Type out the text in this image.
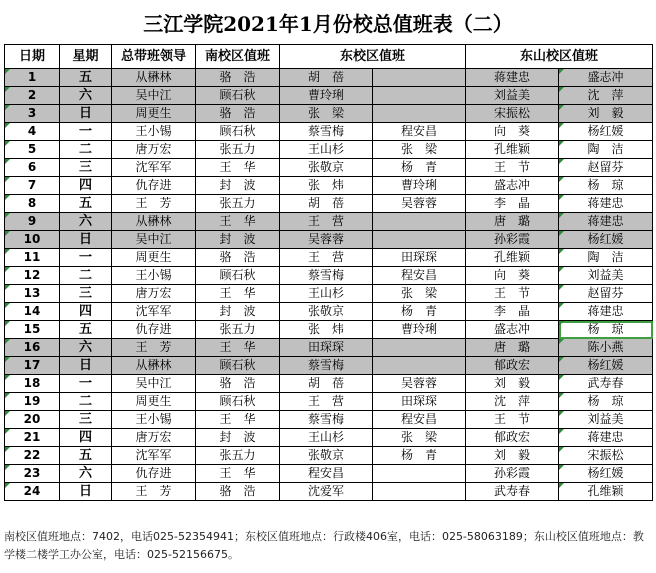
三江学院2021年1月份校总值班表（二）
日期	星期	总带班领导	南校区值班	东校区值班		东山校区值班	
1	五	从楙林	骆　浩	胡　蓓		蒋建忠	盛志冲
2	六	吴中江	顾石秋	曹玲琍		刘益美	沈　萍
3	日	周更生	骆　浩	张　梁		宋振松	刘　毅
4	一	王小锡	顾石秋	蔡雪梅	程安昌	向　葵	杨红媛
5	二	唐万宏	张五力	王山杉	张　梁	孔维颖	陶　洁
6	三	沈军军	王　华	张敬京	杨　青	王　节	赵留芬
7	四	仇存进	封　波	张　炜	曹玲琍	盛志冲	杨　琼
8	五	王　芳	张五力	胡　蓓	吴蓉蓉	李　晶	蒋建忠
9	六	从楙林	王　华	王　营		唐　璐	蒋建忠
10	日	吴中江	封　波	吴蓉蓉		孙彩霞	杨红媛
11	一	周更生	骆　浩	王　营	田琛琛	孔维颖	陶　洁
12	二	王小锡	顾石秋	蔡雪梅	程安昌	向　葵	刘益美
13	三	唐万宏	王　华	王山杉	张　梁	王　节	赵留芬
14	四	沈军军	封　波	张敬京	杨　青	李　晶	蒋建忠
15	五	仇存进	张五力	张　炜	曹玲琍	盛志冲	杨　琼
16	六	王　芳	王　华	田琛琛		唐　璐	陈小燕
17	日	从楙林	顾石秋	蔡雪梅		郁政宏	杨红媛
18	一	吴中江	骆　浩	胡　蓓	吴蓉蓉	刘　毅	武寿春
19	二	周更生	顾石秋	王　营	田琛琛	沈　萍	杨　琼
20	三	王小锡	王　华	蔡雪梅	程安昌	王　节	刘益美
21	四	唐万宏	封　波	王山杉	张　梁	郁政宏	蒋建忠
22	五	沈军军	张五力	张敬京	杨　青	刘　毅	宋振松
23	六	仇存进	王　华	程安昌		孙彩霞	杨红媛
24	日	王　芳	骆　浩	沈爱军		武寿春	孔维颖
南校区值班地点：7402，电话025-52354941；东校区值班地点：行政楼406室，电话：025-58063189；东山校区值班地点：教学楼二楼学工办公室，电话：025-52156675。
